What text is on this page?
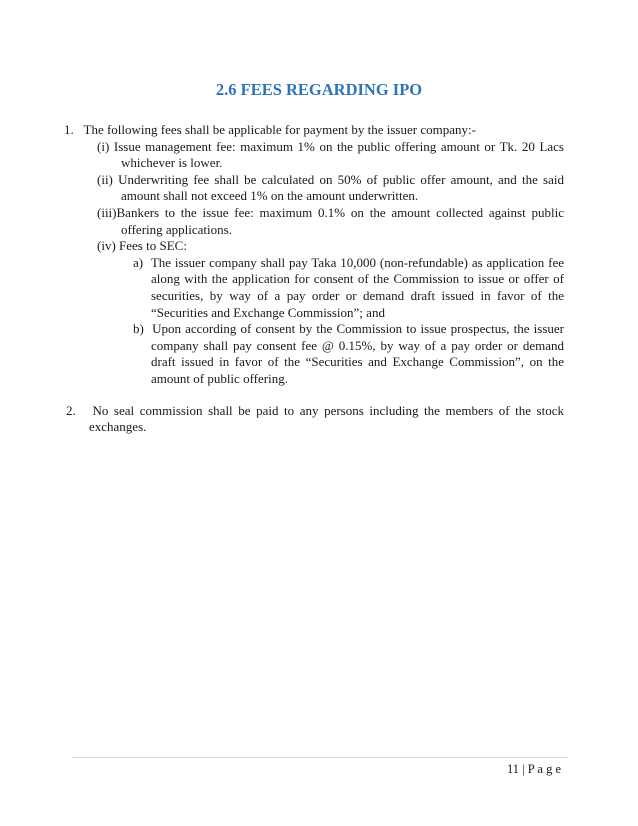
2.6 FEES REGARDING IPO

1. The following fees shall be applicable for payment by the issuer company:-

(i) Issue management fee: maximum 1% on the public offering amount or Tk. 20 Lacs whichever is lower.

(ii) Underwriting fee shall be calculated on 50% of public offer amount, and the said amount shall not exceed 1% on the amount underwritten.

(iii)Bankers to the issue fee: maximum 0.1% on the amount collected against public offering applications.

(iv) Fees to SEC:

a) The issuer company shall pay Taka 10,000 (non-refundable) as application fee along with the application for consent of the Commission to issue or offer of securities, by way of a pay order or demand draft issued in favor of the “Securities and Exchange Commission”; and

b) Upon according of consent by the Commission to issue prospectus, the issuer company shall pay consent fee @ 0.15%, by way of a pay order or demand draft issued in favor of the “Securities and Exchange Commission”, on the amount of public offering.

2. No seal commission shall be paid to any persons including the members of the stock exchanges.

11 | P a g e
